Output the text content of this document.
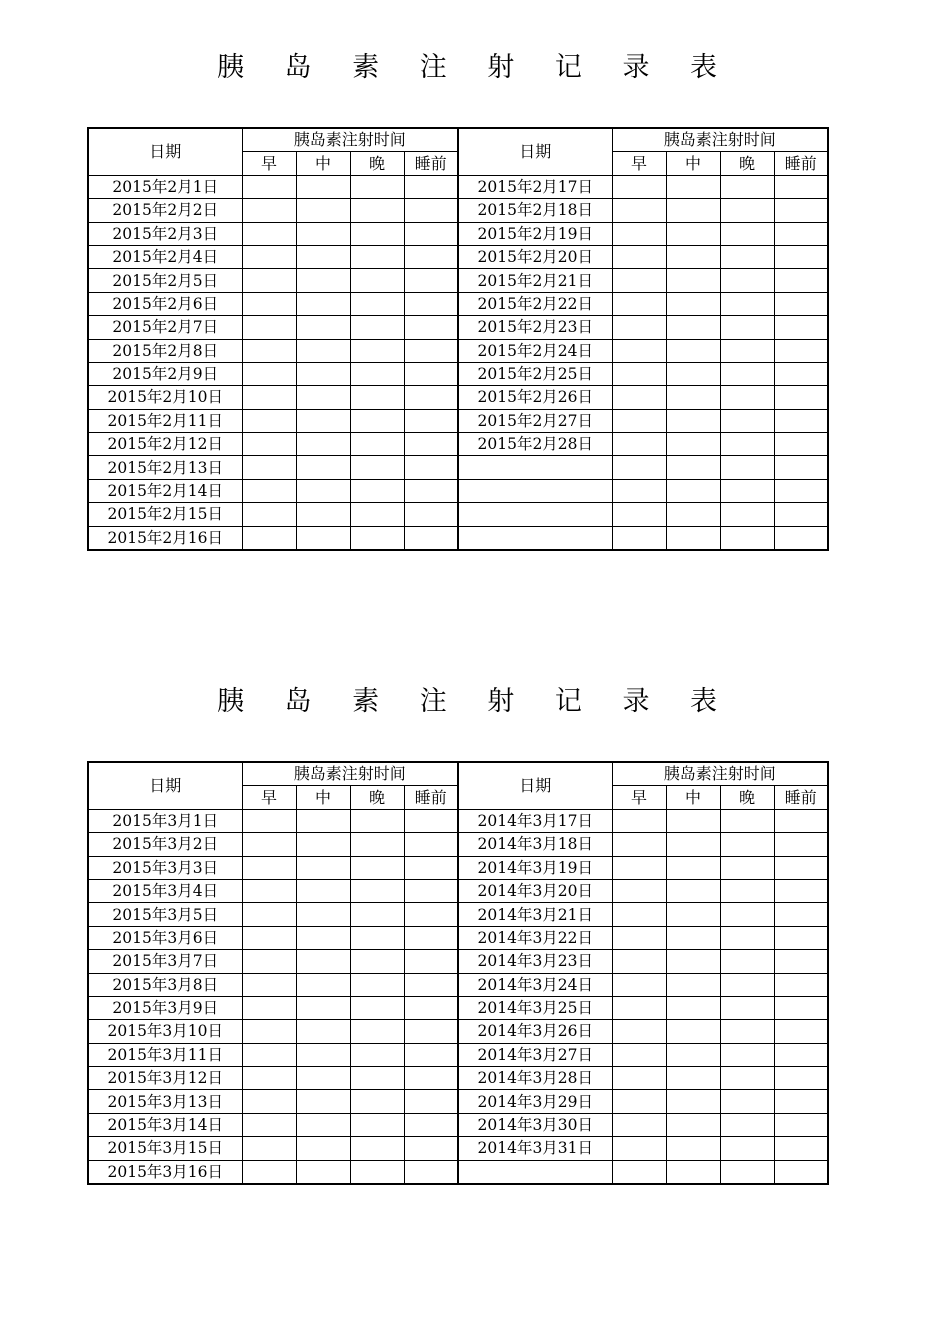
胰 岛 素 注 射 记 录 表
日期	胰岛素注射时间				日期	胰岛素注射时间			
	早	中	晚	睡前		早	中	晚	睡前
2015年2月1日					2015年2月17日				
2015年2月2日					2015年2月18日				
2015年2月3日					2015年2月19日				
2015年2月4日					2015年2月20日				
2015年2月5日					2015年2月21日				
2015年2月6日					2015年2月22日				
2015年2月7日					2015年2月23日				
2015年2月8日					2015年2月24日				
2015年2月9日					2015年2月25日				
2015年2月10日					2015年2月26日				
2015年2月11日					2015年2月27日				
2015年2月12日					2015年2月28日				
2015年2月13日									
2015年2月14日									
2015年2月15日									
2015年2月16日									
胰 岛 素 注 射 记 录 表
日期	胰岛素注射时间				日期	胰岛素注射时间			
	早	中	晚	睡前		早	中	晚	睡前
2015年3月1日					2014年3月17日				
2015年3月2日					2014年3月18日				
2015年3月3日					2014年3月19日				
2015年3月4日					2014年3月20日				
2015年3月5日					2014年3月21日				
2015年3月6日					2014年3月22日				
2015年3月7日					2014年3月23日				
2015年3月8日					2014年3月24日				
2015年3月9日					2014年3月25日				
2015年3月10日					2014年3月26日				
2015年3月11日					2014年3月27日				
2015年3月12日					2014年3月28日				
2015年3月13日					2014年3月29日				
2015年3月14日					2014年3月30日				
2015年3月15日					2014年3月31日				
2015年3月16日									
